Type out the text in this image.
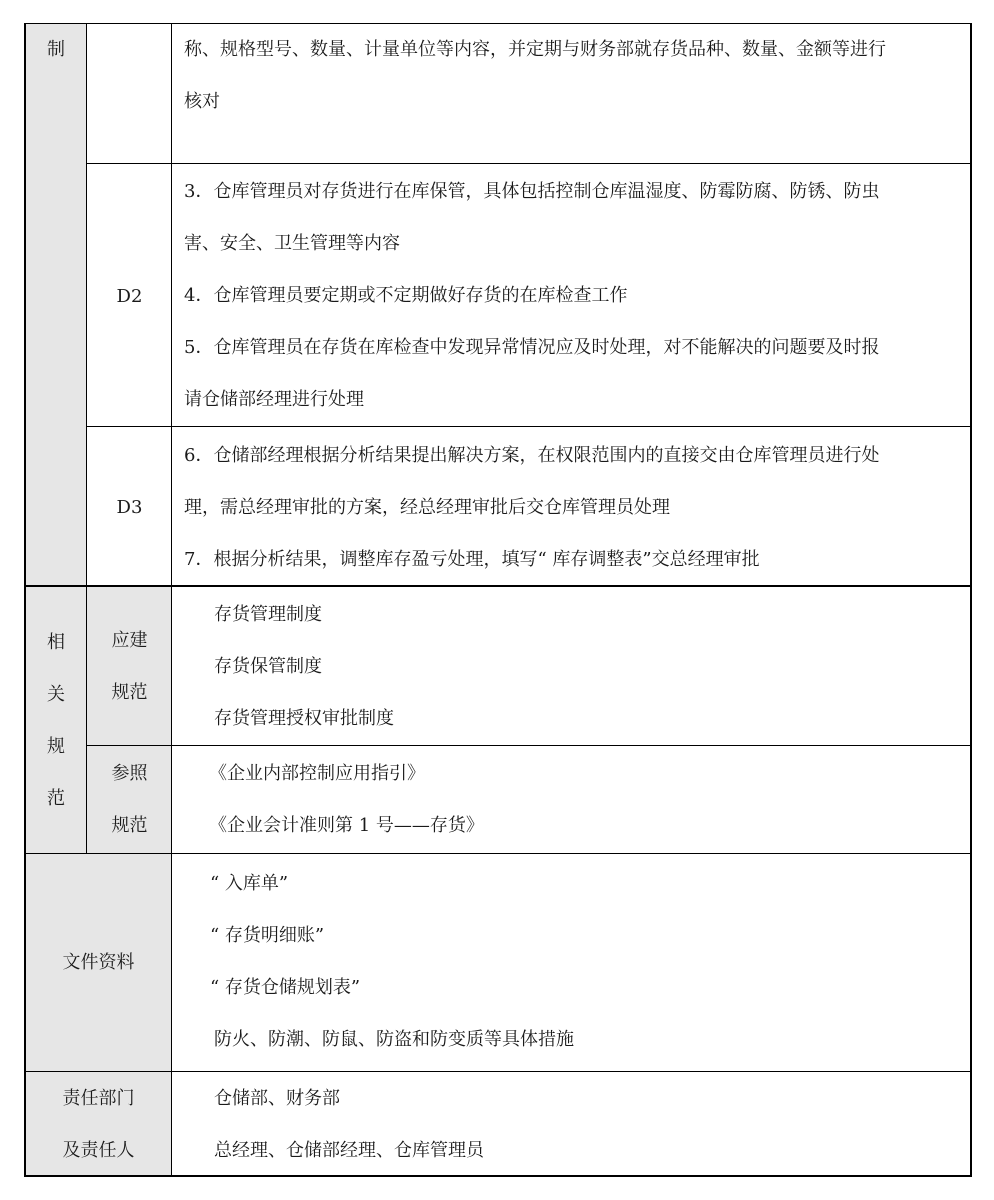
制	称、规格型号、数量、计量单位等内容，并定期与财务部就存货品种、数量、金额等进行
核对
D2
3．仓库管理员对存货进行在库保管，具体包括控制仓库温湿度、防霉防腐、防锈、防虫
害、安全、卫生管理等内容
4．仓库管理员要定期或不定期做好存货的在库检查工作
5．仓库管理员在存货在库检查中发现异常情况应及时处理，对不能解决的问题要及时报
请仓储部经理进行处理
D3
6．仓储部经理根据分析结果提出解决方案，在权限范围内的直接交由仓库管理员进行处
理，需总经理审批的方案，经总经理审批后交仓库管理员处理
7．根据分析结果，调整库存盈亏处理，填写“ 库存调整表”交总经理审批
相
关
规
范
应建
规范
存货管理制度
存货保管制度
存货管理授权审批制度
参照
规范
《企业内部控制应用指引》
《企业会计准则第 1 号——存货》
文件资料
“ 入库单”
“ 存货明细账”
“ 存货仓储规划表”
防火、防潮、防鼠、防盗和防变质等具体措施
责任部门
及责任人
仓储部、财务部
总经理、仓储部经理、仓库管理员
